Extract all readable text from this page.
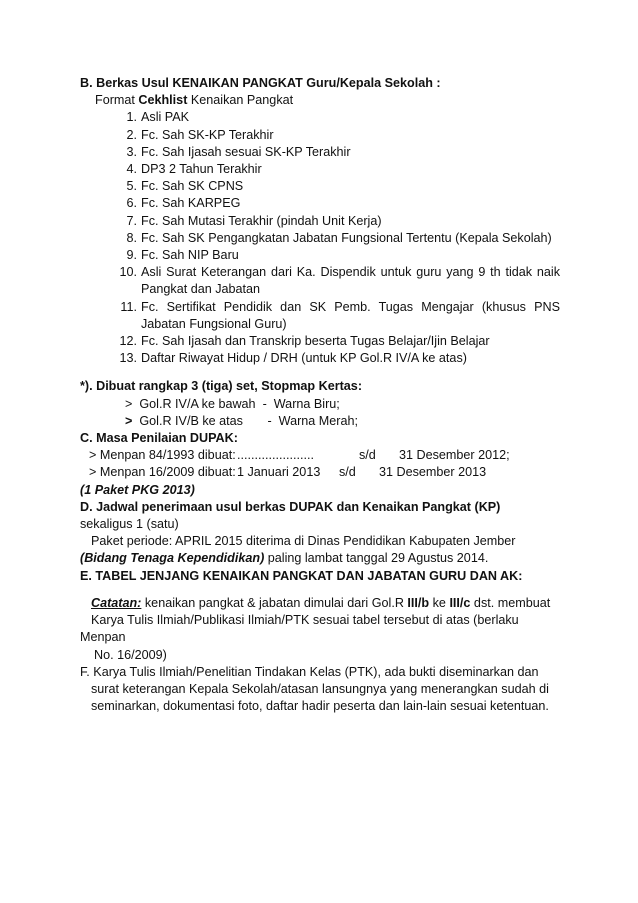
B. Berkas Usul KENAIKAN PANGKAT Guru/Kepala Sekolah :
Format Cekhlist Kenaikan Pangkat
1. Asli PAK
2. Fc. Sah SK-KP Terakhir
3. Fc. Sah Ijasah sesuai SK-KP Terakhir
4. DP3 2 Tahun Terakhir
5. Fc. Sah SK CPNS
6. Fc. Sah KARPEG
7. Fc. Sah Mutasi Terakhir (pindah Unit Kerja)
8. Fc. Sah SK Pengangkatan Jabatan Fungsional Tertentu (Kepala Sekolah)
9. Fc. Sah NIP Baru
10. Asli Surat Keterangan dari Ka. Dispendik untuk guru yang 9 th tidak naik Pangkat dan Jabatan
11. Fc. Sertifikat Pendidik dan SK Pemb. Tugas Mengajar (khusus PNS Jabatan Fungsional Guru)
12. Fc. Sah Ijasah dan Transkrip beserta Tugas Belajar/Ijin Belajar
13. Daftar Riwayat Hidup / DRH (untuk KP Gol.R IV/A ke atas)
*). Dibuat rangkap 3 (tiga) set, Stopmap Kertas:
> Gol.R IV/A ke bawah - Warna Biru;
> Gol.R IV/B ke atas - Warna Merah;
C. Masa Penilaian DUPAK:
> Menpan 84/1993 dibuat:......................	s/d 31 Desember 2012;
> Menpan 16/2009 dibuat:1 Januari 2013 s/d 31 Desember 2013
(1 Paket PKG 2013)
D. Jadwal penerimaan usul berkas DUPAK dan Kenaikan Pangkat (KP)
sekaligus 1 (satu)
Paket periode: APRIL 2015 diterima di Dinas Pendidikan Kabupaten Jember
(Bidang Tenaga Kependidikan) paling lambat tanggal 29 Agustus 2014.
E. TABEL JENJANG KENAIKAN PANGKAT DAN JABATAN GURU DAN AK:
Catatan: kenaikan pangkat & jabatan dimulai dari Gol.R III/b ke III/c dst. membuat
Karya Tulis Ilmiah/Publikasi Ilmiah/PTK sesuai tabel tersebut di atas (berlaku
Menpan
No. 16/2009)
F. Karya Tulis Ilmiah/Penelitian Tindakan Kelas (PTK), ada bukti diseminarkan dan
surat keterangan Kepala Sekolah/atasan lansungnya yang menerangkan sudah di
seminarkan, dokumentasi foto, daftar hadir peserta dan lain-lain sesuai ketentuan.
